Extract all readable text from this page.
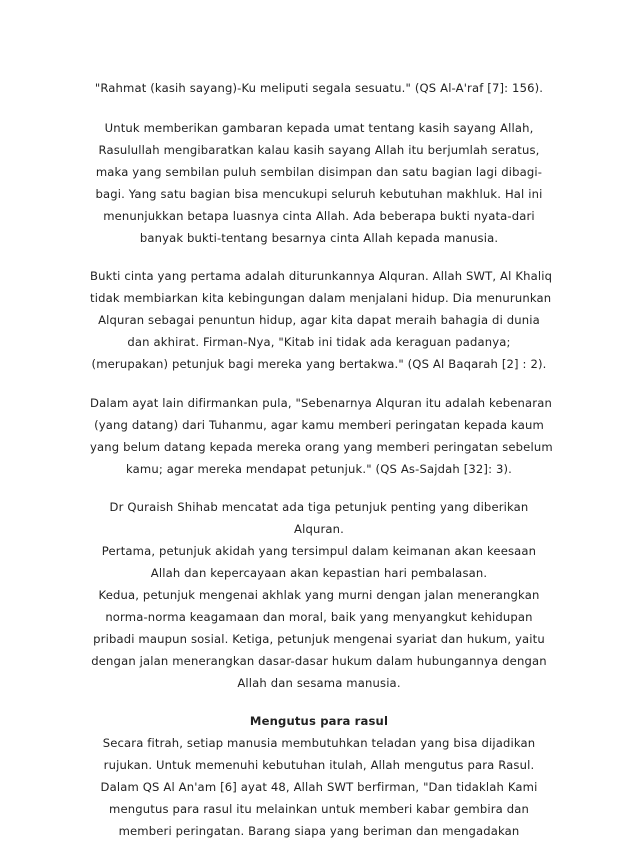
"Rahmat (kasih sayang)-Ku meliputi segala sesuatu." (QS Al-A'raf [7]: 156).
Untuk memberikan gambaran kepada umat tentang kasih sayang Allah,
Rasulullah mengibaratkan kalau kasih sayang Allah itu berjumlah seratus,
maka yang sembilan puluh sembilan disimpan dan satu bagian lagi dibagi-
bagi. Yang satu bagian bisa mencukupi seluruh kebutuhan makhluk. Hal ini
menunjukkan betapa luasnya cinta Allah. Ada beberapa bukti nyata-dari
banyak bukti-tentang besarnya cinta Allah kepada manusia.
Bukti cinta yang pertama adalah diturunkannya Alquran. Allah SWT, Al Khaliq
tidak membiarkan kita kebingungan dalam menjalani hidup. Dia menurunkan
Alquran sebagai penuntun hidup, agar kita dapat meraih bahagia di dunia
dan akhirat. Firman-Nya, "Kitab ini tidak ada keraguan padanya;
(merupakan) petunjuk bagi mereka yang bertakwa." (QS Al Baqarah [2] : 2).
Dalam ayat lain difirmankan pula, "Sebenarnya Alquran itu adalah kebenaran
(yang datang) dari Tuhanmu, agar kamu memberi peringatan kepada kaum
yang belum datang kepada mereka orang yang memberi peringatan sebelum
kamu; agar mereka mendapat petunjuk." (QS As-Sajdah [32]: 3).
Dr Quraish Shihab mencatat ada tiga petunjuk penting yang diberikan
Alquran.
Pertama, petunjuk akidah yang tersimpul dalam keimanan akan keesaan
Allah dan kepercayaan akan kepastian hari pembalasan.
Kedua, petunjuk mengenai akhlak yang murni dengan jalan menerangkan
norma-norma keagamaan dan moral, baik yang menyangkut kehidupan
pribadi maupun sosial. Ketiga, petunjuk mengenai syariat dan hukum, yaitu
dengan jalan menerangkan dasar-dasar hukum dalam hubungannya dengan
Allah dan sesama manusia.
Mengutus para rasul
Secara fitrah, setiap manusia membutuhkan teladan yang bisa dijadikan
rujukan. Untuk memenuhi kebutuhan itulah, Allah mengutus para Rasul.
Dalam QS Al An'am [6] ayat 48, Allah SWT berfirman, "Dan tidaklah Kami
mengutus para rasul itu melainkan untuk memberi kabar gembira dan
memberi peringatan. Barang siapa yang beriman dan mengadakan
